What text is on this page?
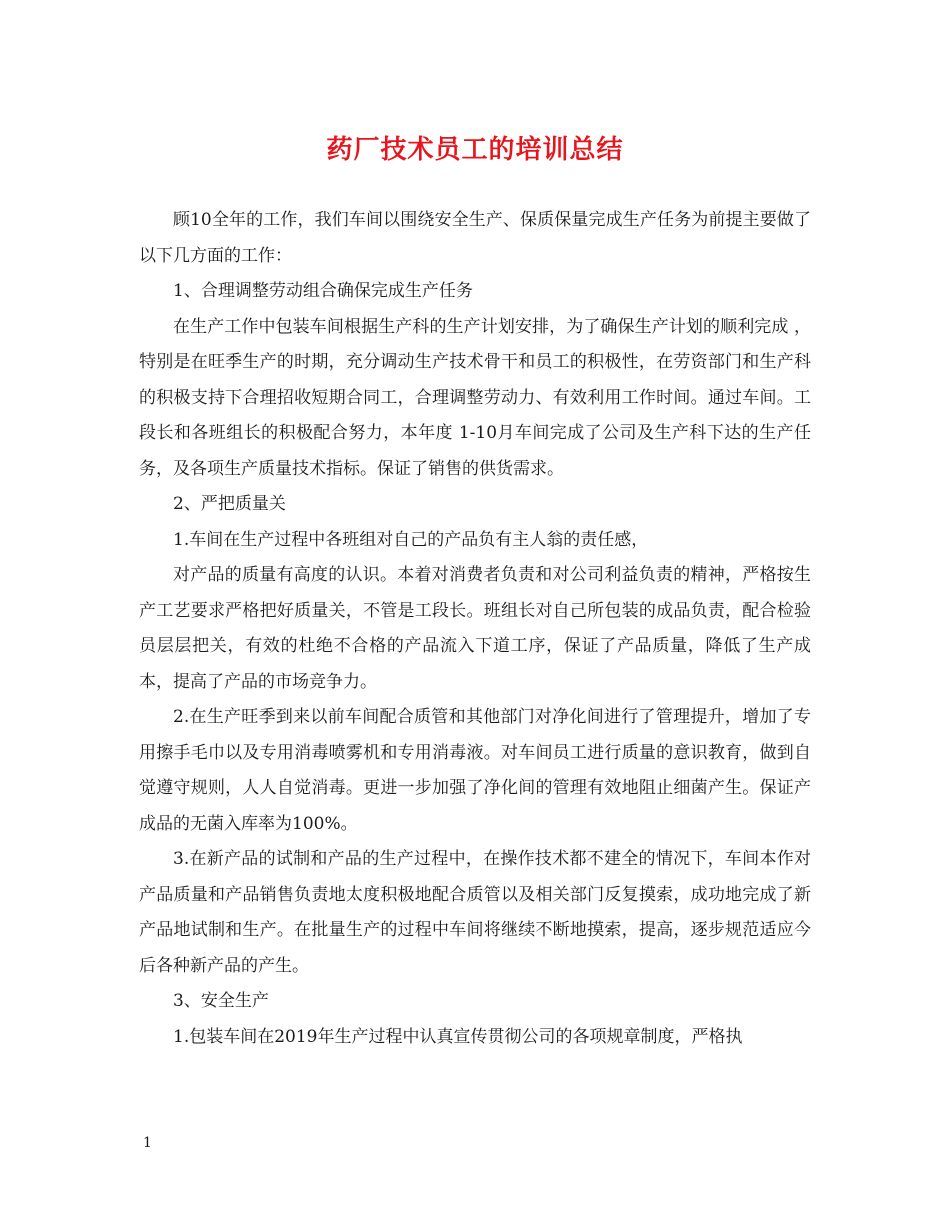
药厂技术员工的培训总结

顾10全年的工作，我们车间以围绕安全生产、保质保量完成生产任务为前提主要做了以下几方面的工作：

1、合理调整劳动组合确保完成生产任务

在生产工作中包装车间根据生产科的生产计划安排，为了确保生产计划的顺利完成 ，特别是在旺季生产的时期，充分调动生产技术骨干和员工的积极性，在劳资部门和生产科的积极支持下合理招收短期合同工，合理调整劳动力、有效利用工作时间。通过车间。工段长和各班组长的积极配合努力，本年度 1-10月车间完成了公司及生产科下达的生产任务，及各项生产质量技术指标。保证了销售的供货需求。

2、严把质量关

1.车间在生产过程中各班组对自己的产品负有主人翁的责任感，

对产品的质量有高度的认识。本着对消费者负责和对公司利益负责的精神，严格按生产工艺要求严格把好质量关，不管是工段长。班组长对自己所包装的成品负责，配合检验员层层把关，有效的杜绝不合格的产品流入下道工序，保证了产品质量，降低了生产成本，提高了产品的市场竞争力。

2.在生产旺季到来以前车间配合质管和其他部门对净化间进行了管理提升，增加了专用擦手毛巾以及专用消毒喷雾机和专用消毒液。对车间员工进行质量的意识教育，做到自觉遵守规则，人人自觉消毒。更进一步加强了净化间的管理有效地阻止细菌产生。保证产成品的无菌入库率为100%。

3.在新产品的试制和产品的生产过程中，在操作技术都不建全的情况下，车间本作对产品质量和产品销售负责地太度积极地配合质管以及相关部门反复摸索，成功地完成了新产品地试制和生产。在批量生产的过程中车间将继续不断地摸索，提高，逐步规范适应今后各种新产品的产生。

3、安全生产

1.包装车间在2019年生产过程中认真宣传贯彻公司的各项规章制度，严格执

1
